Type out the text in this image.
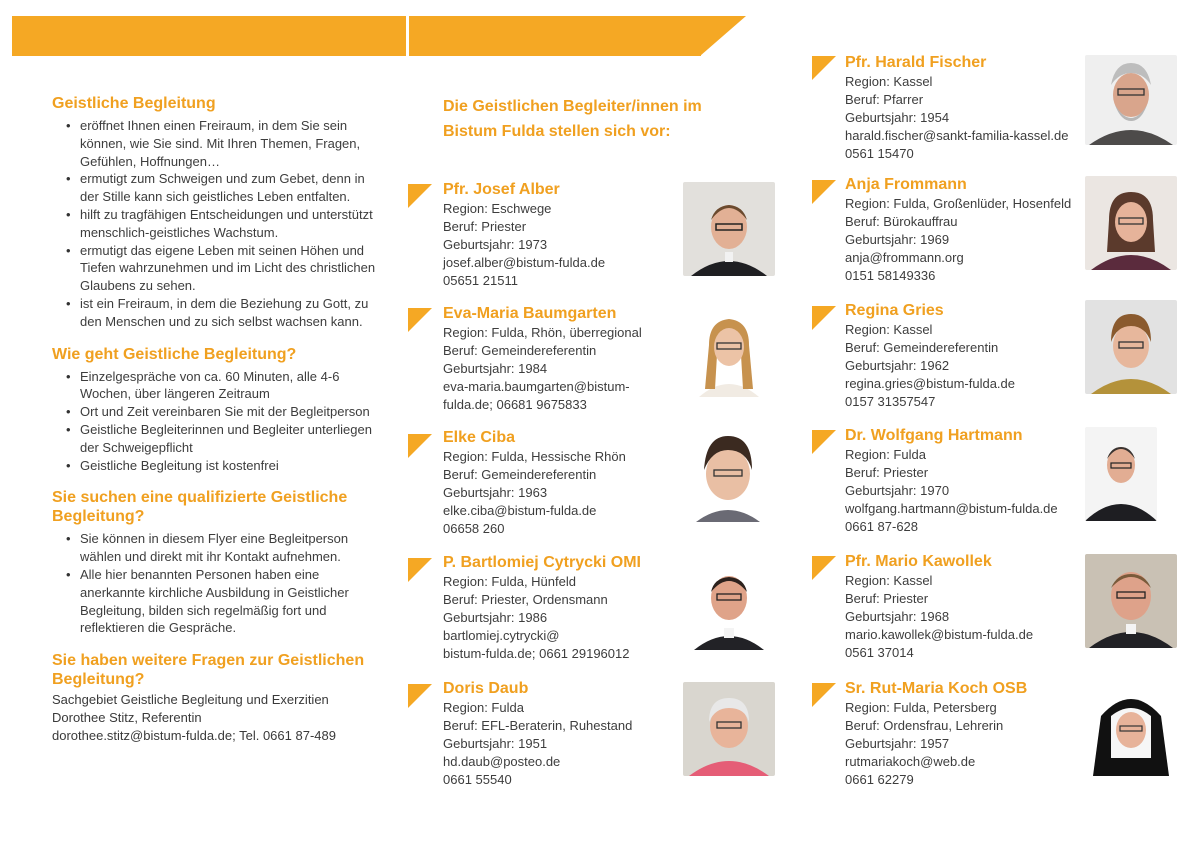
Geistliche Begleitung
• eröffnet Ihnen einen Freiraum, in dem Sie sein können, wie Sie sind. Mit Ihren Themen, Fragen, Gefühlen, Hoffnungen…
• ermutigt zum Schweigen und zum Gebet, denn in der Stille kann sich geistliches Leben entfalten.
• hilft zu tragfähigen Entscheidungen und unterstützt menschlich-geistliches Wachstum.
• ermutigt das eigene Leben mit seinen Höhen und Tiefen wahrzunehmen und im Licht des christlichen Glaubens zu sehen.
• ist ein Freiraum, in dem die Beziehung zu Gott, zu den Menschen und zu sich selbst wachsen kann.
Wie geht Geistliche Begleitung?
• Einzelgespräche von ca. 60 Minuten, alle 4-6 Wochen, über längeren Zeitraum
• Ort und Zeit vereinbaren Sie mit der Begleitperson
• Geistliche Begleiterinnen und Begleiter unterliegen der Schweigepflicht
• Geistliche Begleitung ist kostenfrei
Sie suchen eine qualifizierte Geistliche Begleitung?
• Sie können in diesem Flyer eine Begleitperson wählen und direkt mit ihr Kontakt aufnehmen.
• Alle hier benannten Personen haben eine anerkannte kirchliche Ausbildung in Geistlicher Begleitung, bilden sich regelmäßig fort und reflektieren die Gespräche.
Sie haben weitere Fragen zur Geistlichen Begleitung?

Sachgebiet Geistliche Begleitung und Exerzitien

Dorothee Stitz, Referentin

dorothee.stitz@bistum-fulda.de; Tel. 0661 87-489

Die Geistlichen Begleiter/innen im Bistum Fulda stellen sich vor:
Pfr. Josef Alber
Region: Eschwege
Beruf: Priester
Geburtsjahr: 1973
josef.alber@bistum-fulda.de
05651 21511
Eva-Maria Baumgarten
Region: Fulda, Rhön, überregional
Beruf: Gemeindereferentin
Geburtsjahr: 1984
eva-maria.baumgarten@bistum-
fulda.de; 06681 9675833
Elke Ciba
Region: Fulda, Hessische Rhön
Beruf: Gemeindereferentin
Geburtsjahr: 1963
elke.ciba@bistum-fulda.de
06658 260
P. Bartlomiej Cytrycki OMI
Region: Fulda, Hünfeld
Beruf: Priester, Ordensmann
Geburtsjahr: 1986
bartlomiej.cytrycki@
bistum-fulda.de; 0661 29196012
Doris Daub
Region: Fulda
Beruf: EFL-Beraterin, Ruhestand
Geburtsjahr: 1951
hd.daub@posteo.de
0661 55540
Pfr. Harald Fischer
Region: Kassel
Beruf: Pfarrer
Geburtsjahr: 1954
harald.fischer@sankt-familia-kassel.de
0561 15470
Anja Frommann
Region: Fulda, Großenlüder, Hosenfeld
Beruf: Bürokauffrau
Geburtsjahr: 1969
anja@frommann.org
0151 58149336
Regina Gries
Region: Kassel
Beruf: Gemeindereferentin
Geburtsjahr: 1962
regina.gries@bistum-fulda.de
0157 31357547
Dr. Wolfgang Hartmann
Region: Fulda
Beruf: Priester
Geburtsjahr: 1970
wolfgang.hartmann@bistum-fulda.de
0661 87-628
Pfr. Mario Kawollek
Region: Kassel
Beruf: Priester
Geburtsjahr: 1968
mario.kawollek@bistum-fulda.de
0561 37014
Sr. Rut-Maria Koch OSB
Region: Fulda, Petersberg
Beruf: Ordensfrau, Lehrerin
Geburtsjahr: 1957
rutmariakoch@web.de
0661 62279
